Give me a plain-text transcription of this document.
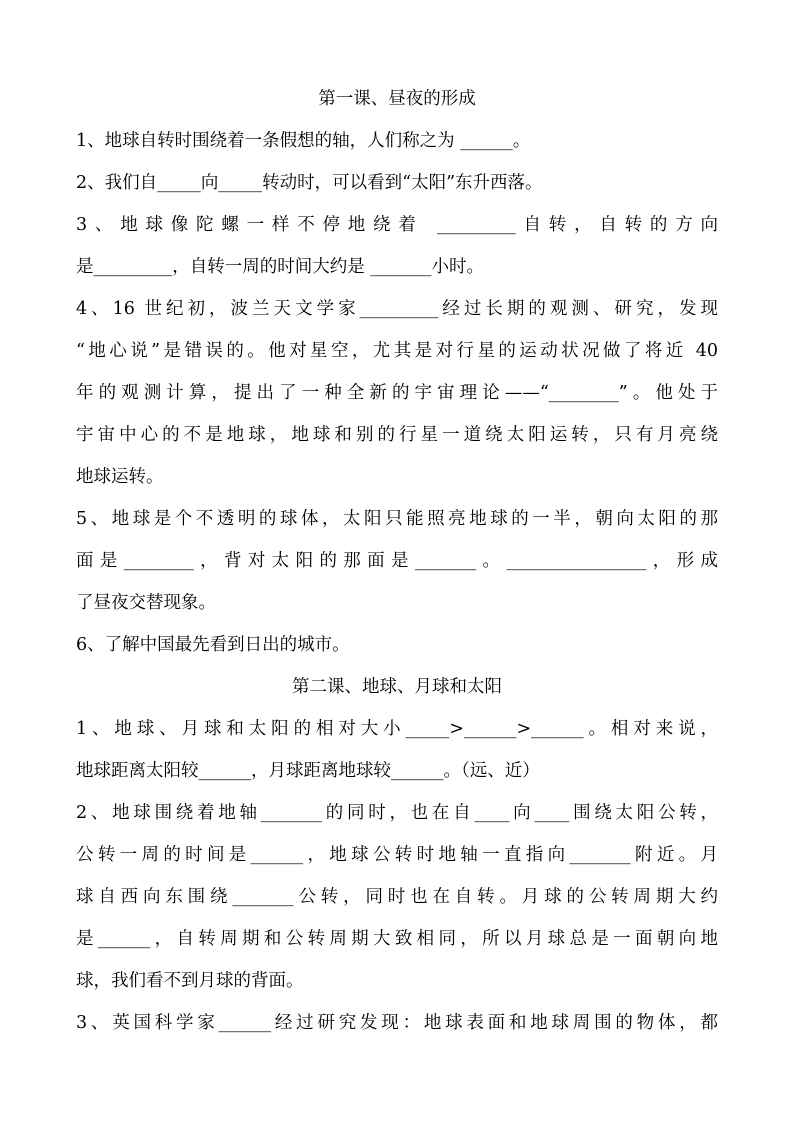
第一课、昼夜的形成
1、地球自转时围绕着一条假想的轴，人们称之为 ______。
2、我们自_____向_____转动时，可以看到“太阳”东升西落。
3、地球像陀螺一样不停地绕着 _________自转，自转的方向
是_________，自转一周的时间大约是 _______小时。
4、16 世纪初，波兰天文学家_________经过长期的观测、研究，发现
“地心说”是错误的。他对星空，尤其是对行星的运动状况做了将近 40
年的观测计算，提出了一种全新的宇宙理论——“________”。他处于
宇宙中心的不是地球，地球和别的行星一道绕太阳运转，只有月亮绕
地球运转。
5、地球是个不透明的球体，太阳只能照亮地球的一半，朝向太阳的那
面是________，背对太阳的那面是_______。________________，形成
了昼夜交替现象。
6、了解中国最先看到日出的城市。
第二课、地球、月球和太阳
1、地球、月球和太阳的相对大小_____>______>______。相对来说，
地球距离太阳较______，月球距离地球较______。（远、近）
2、地球围绕着地轴_______的同时，也在自____向____围绕太阳公转，
公转一周的时间是______，地球公转时地轴一直指向_______附近。月
球自西向东围绕_______公转，同时也在自转。月球的公转周期大约
是______，自转周期和公转周期大致相同，所以月球总是一面朝向地
球，我们看不到月球的背面。
3、英国科学家______经过研究发现：地球表面和地球周围的物体，都
